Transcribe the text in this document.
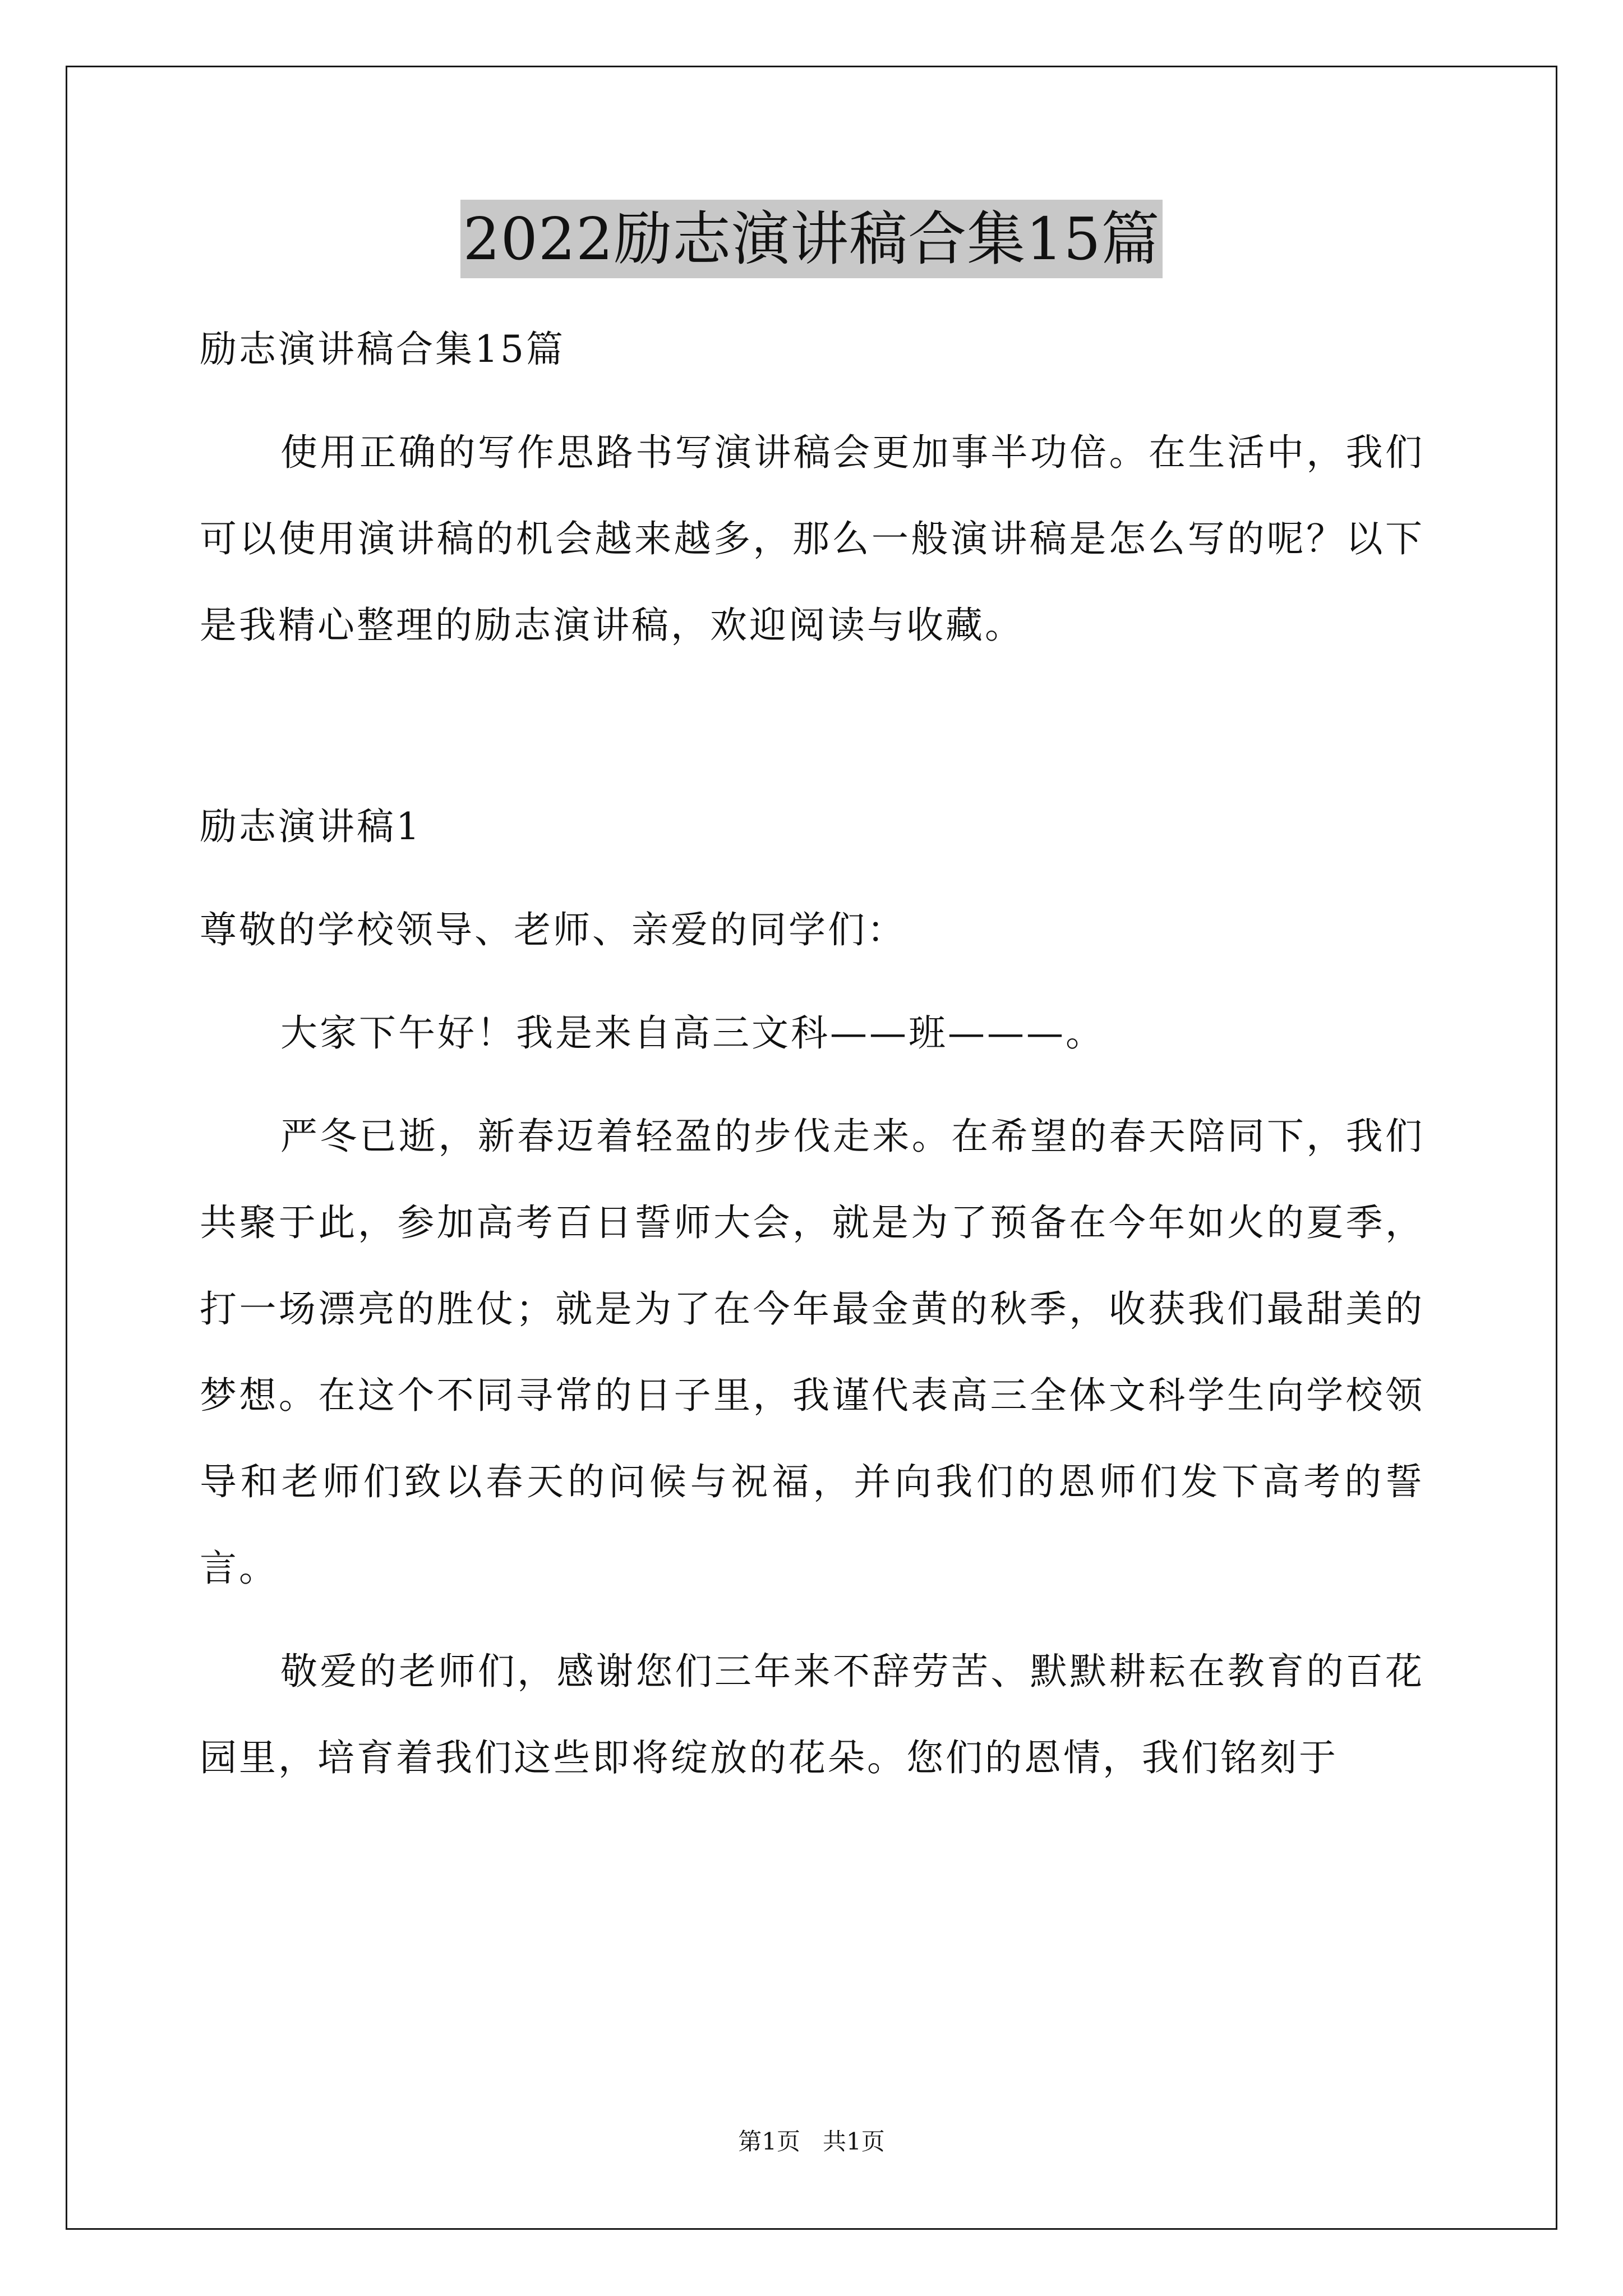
2022励志演讲稿合集15篇

励志演讲稿合集15篇

使用正确的写作思路书写演讲稿会更加事半功倍。在生活中，我们可以使用演讲稿的机会越来越多，那么一般演讲稿是怎么写的呢？以下是我精心整理的励志演讲稿，欢迎阅读与收藏。

励志演讲稿1

尊敬的学校领导、老师、亲爱的同学们：

大家下午好！我是来自高三文科——班———。

严冬已逝，新春迈着轻盈的步伐走来。在希望的春天陪同下，我们共聚于此，参加高考百日誓师大会，就是为了预备在今年如火的夏季，打一场漂亮的胜仗；就是为了在今年最金黄的秋季，收获我们最甜美的梦想。在这个不同寻常的日子里，我谨代表高三全体文科学生向学校领导和老师们致以春天的问候与祝福，并向我们的恩师们发下高考的誓言。

敬爱的老师们，感谢您们三年来不辞劳苦、默默耕耘在教育的百花园里，培育着我们这些即将绽放的花朵。您们的恩情，我们铭刻于

第1页   共1页
